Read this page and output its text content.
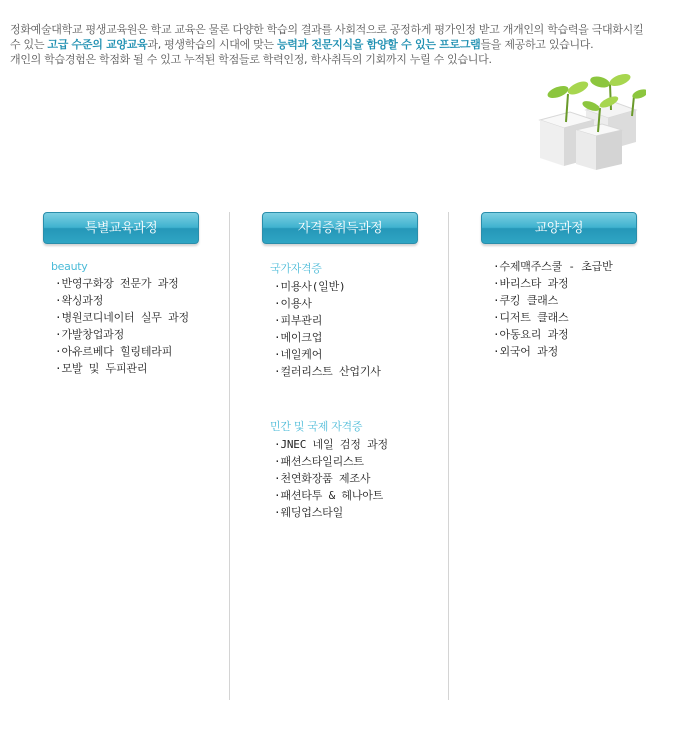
정화예술대학교 평생교육원은 학교 교육은 물론 다양한 학습의 결과를 사회적으로 공정하게 평가인정 받고 개개인의 학습력을 극대화시킬

수 있는 고급 수준의 교양교육과, 평생학습의 시대에 맞는 능력과 전문지식을 함양할 수 있는 프로그램들을 제공하고 있습니다.

개인의 학습경험은 학점화 될 수 있고 누적된 학점들로 학력인정, 학사취득의 기회까지 누릴 수 있습니다.

특별교육과정
beauty
· 반영구화장 전문가 과정
· 왁싱과정
· 병원코디네이터 실무 과정
· 가발창업과정
· 아유르베다 힐링테라피
· 모발 및 두피관리
자격증취득과정
국가자격증
· 미용사(일반)
· 이용사
· 피부관리
· 메이크업
· 네일케어
· 컬러리스트 산업기사
민간 및 국제 자격증
· JNEC 네일 검정 과정
· 패션스타일리스트
· 천연화장품 제조사
· 패션타투 & 헤나아트
· 웨딩업스타일
교양과정
· 수제맥주스쿨 - 초급반
· 바리스타 과정
· 쿠킹 클래스
· 디저트 클래스
· 아동요리 과정
· 외국어 과정
